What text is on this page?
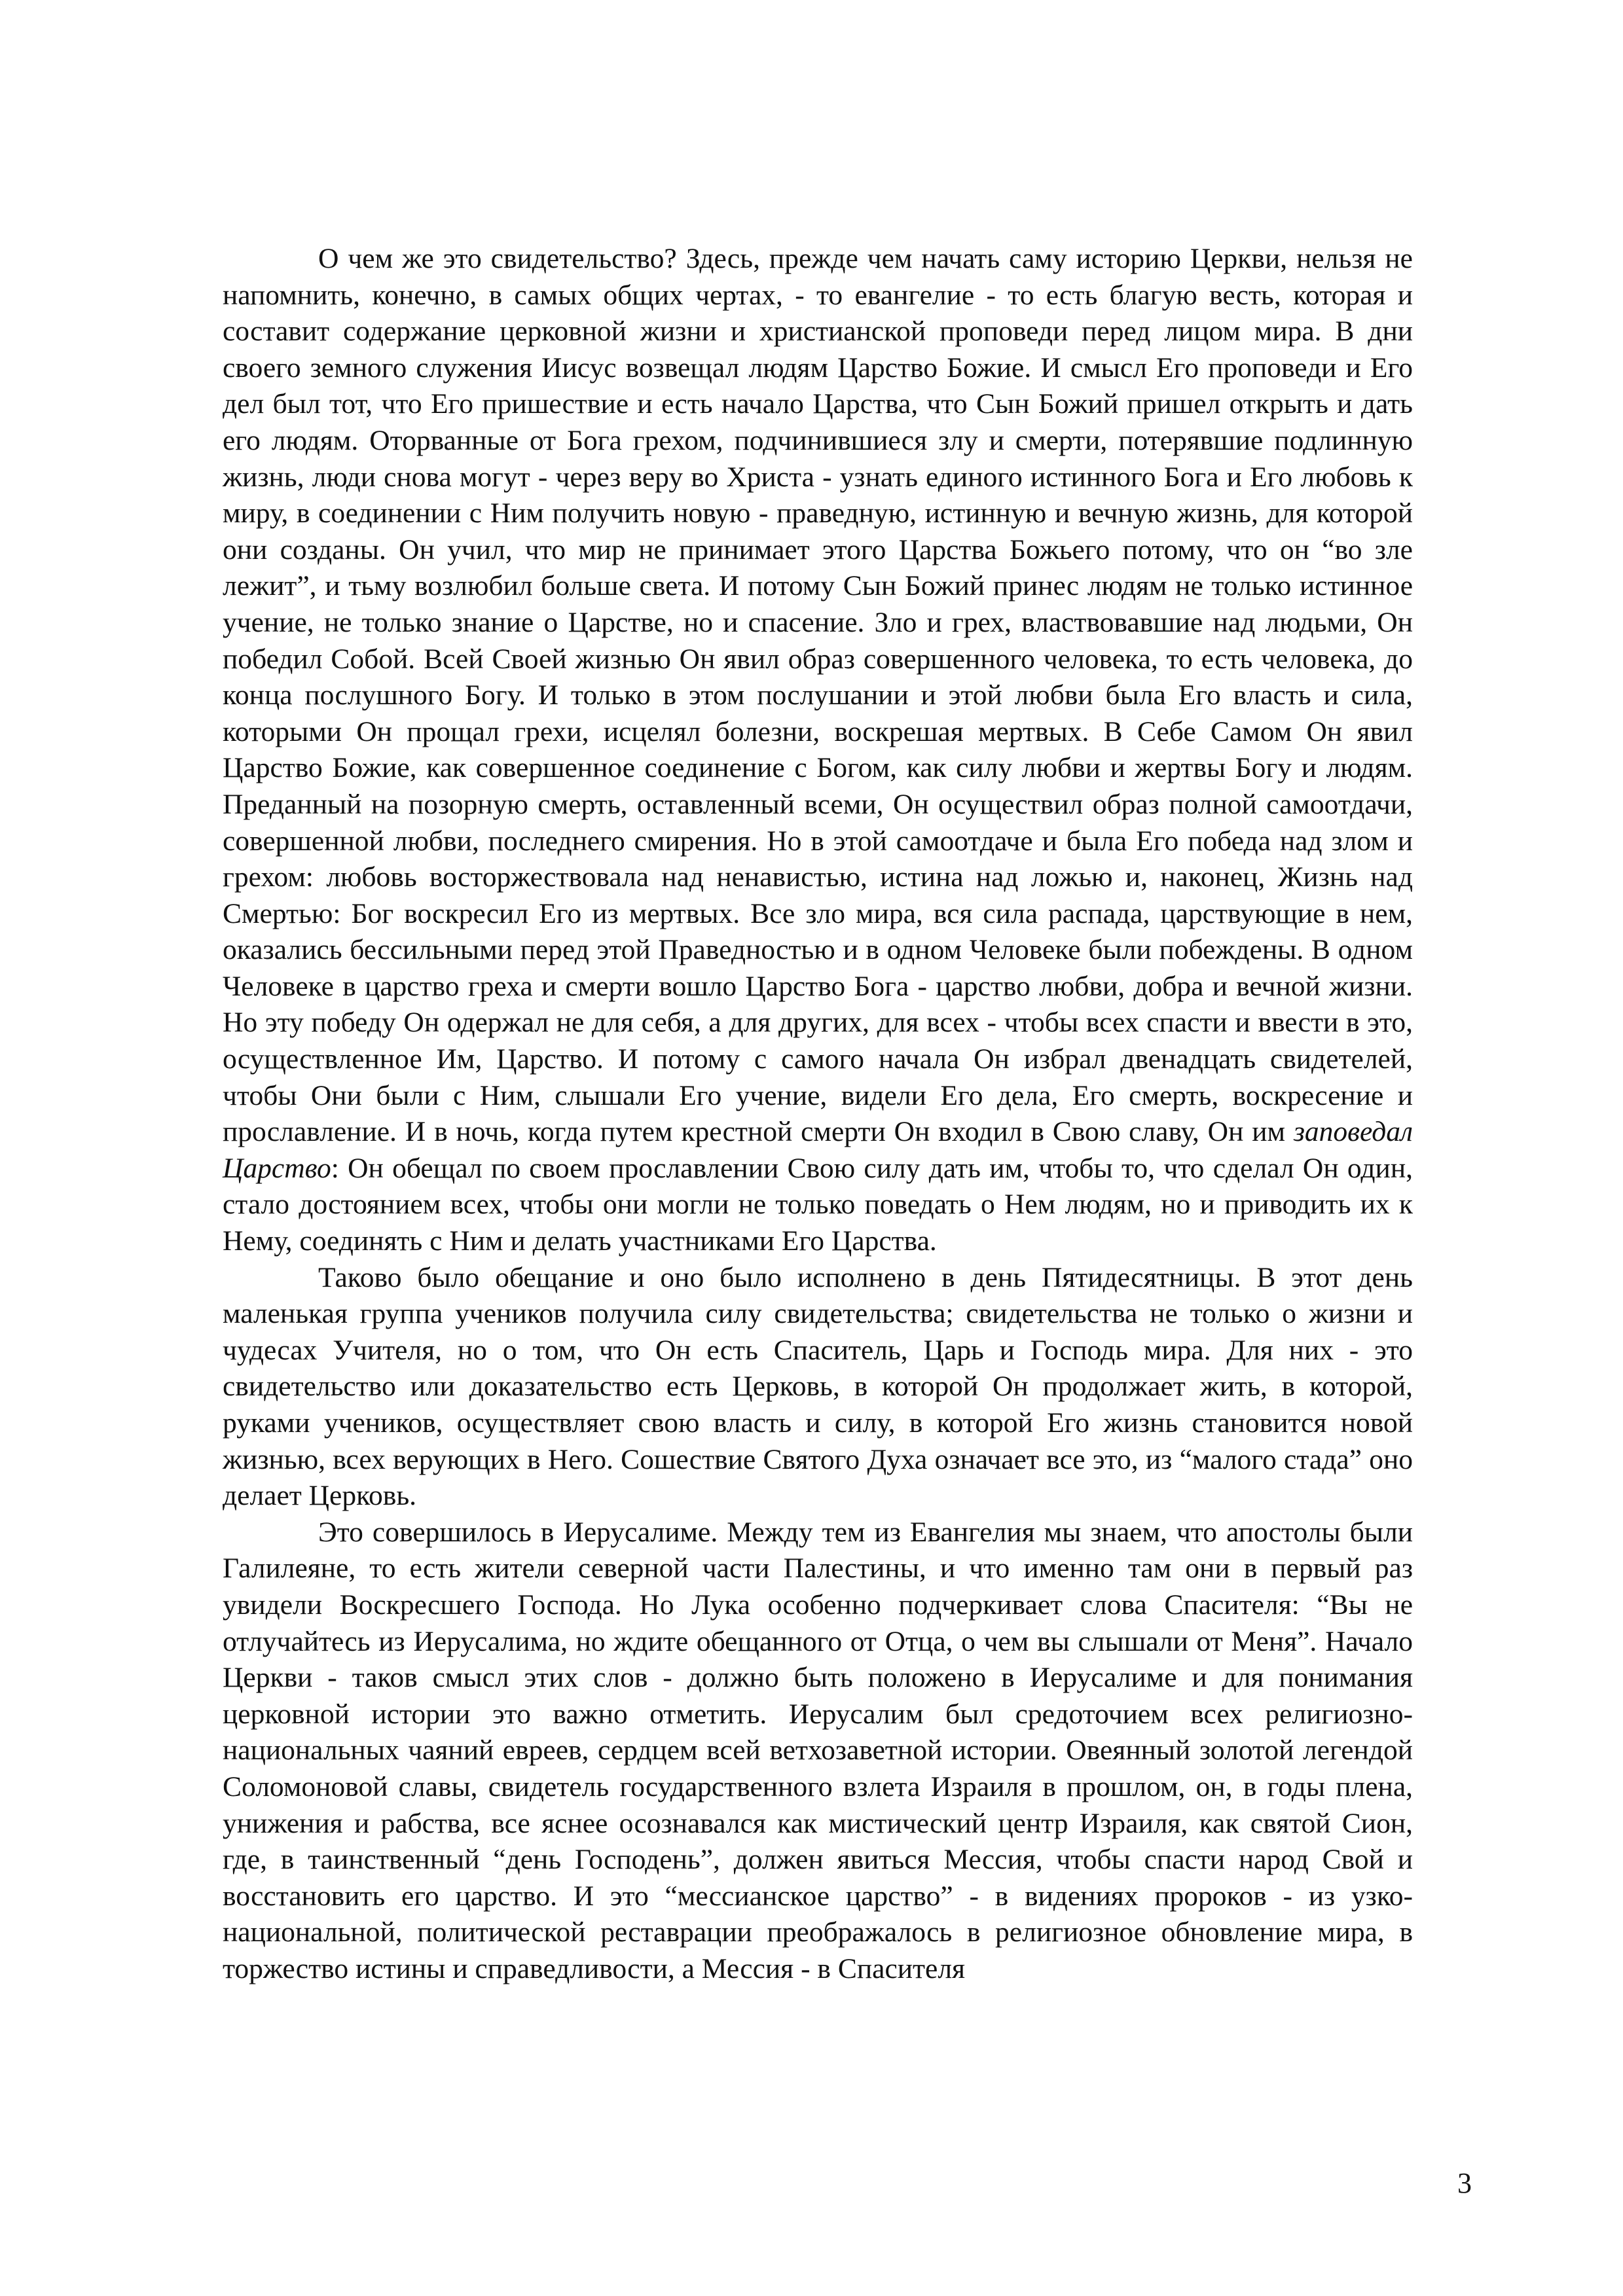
О чем же это свидетельство? Здесь, прежде чем начать саму историю Церкви, нельзя не напомнить, конечно, в самых общих чертах, - то евангелие - то есть благую весть, которая и составит содержание церковной жизни и христианской проповеди перед лицом мира. В дни своего земного служения Иисус возвещал людям Царство Божие. И смысл Его проповеди и Его дел был тот, что Его пришествие и есть начало Царства, что Сын Божий пришел открыть и дать его людям. Оторванные от Бога грехом, подчинившиеся злу и смерти, потерявшие подлинную жизнь, люди снова могут - через веру во Христа - узнать единого истинного Бога и Его любовь к миру, в соединении с Ним получить новую - праведную, истинную и вечную жизнь, для которой они созданы. Он учил, что мир не принимает этого Царства Божьего потому, что он “во зле лежит”, и тьму возлюбил больше света. И потому Сын Божий принес людям не только истинное учение, не только знание о Царстве, но и спасение. Зло и грех, властвовавшие над людьми, Он победил Собой. Всей Своей жизнью Он явил образ совершенного человека, то есть человека, до конца послушного Богу. И только в этом послушании и этой любви была Его власть и сила, которыми Он прощал грехи, исцелял болезни, воскрешая мертвых. В Себе Самом Он явил Царство Божие, как совершенное соединение с Богом, как силу любви и жертвы Богу и людям. Преданный на позорную смерть, оставленный всеми, Он осуществил образ полной самоотдачи, совершенной любви, последнего смирения. Но в этой самоотдаче и была Его победа над злом и грехом: любовь восторжествовала над ненавистью, истина над ложью и, наконец, Жизнь над Смертью: Бог воскресил Его из мертвых. Все зло мира, вся сила распада, царствующие в нем, оказались бессильными перед этой Праведностью и в одном Человеке были побеждены. В одном Человеке в царство греха и смерти вошло Царство Бога - царство любви, добра и вечной жизни. Но эту победу Он одержал не для себя, а для других, для всех - чтобы всех спасти и ввести в это, осуществленное Им, Царство. И потому с самого начала Он избрал двенадцать свидетелей, чтобы Они были с Ним, слышали Его учение, видели Его дела, Его смерть, воскресение и прославление. И в ночь, когда путем крестной смерти Он входил в Свою славу, Он им заповедал Царство: Он обещал по своем прославлении Свою силу дать им, чтобы то, что сделал Он один, стало достоянием всех, чтобы они могли не только поведать о Нем людям, но и приводить их к Нему, соединять с Ним и делать участниками Его Царства.

Таково было обещание и оно было исполнено в день Пятидесятницы. В этот день маленькая группа учеников получила силу свидетельства; свидетельства не только о жизни и чудесах Учителя, но о том, что Он есть Спаситель, Царь и Господь мира. Для них - это свидетельство или доказательство есть Церковь, в которой Он продолжает жить, в которой, руками учеников, осуществляет свою власть и силу, в которой Его жизнь становится новой жизнью, всех верующих в Него. Сошествие Святого Духа означает все это, из “малого стада” оно делает Церковь.

Это совершилось в Иерусалиме. Между тем из Евангелия мы знаем, что апостолы были Галилеяне, то есть жители северной части Палестины, и что именно там они в первый раз увидели Воскресшего Господа. Но Лука особенно подчеркивает слова Спасителя: “Вы не отлучайтесь из Иерусалима, но ждите обещанного от Отца, о чем вы слышали от Меня”. Начало Церкви - таков смысл этих слов - должно быть положено в Иерусалиме и для понимания церковной истории это важно отметить. Иерусалим был средоточием всех религиозно-национальных чаяний евреев, сердцем всей ветхозаветной истории. Овеянный золотой легендой Соломоновой славы, свидетель государственного взлета Израиля в прошлом, он, в годы плена, унижения и рабства, все яснее осознавался как мистический центр Израиля, как святой Сион, где, в таинственный “день Господень”, должен явиться Мессия, чтобы спасти народ Свой и восстановить его царство. И это “мессианское царство” - в видениях пророков - из узко-национальной, политической реставрации преображалось в религиозное обновление мира, в торжество истины и справедливости, а Мессия - в Спасителя

3
